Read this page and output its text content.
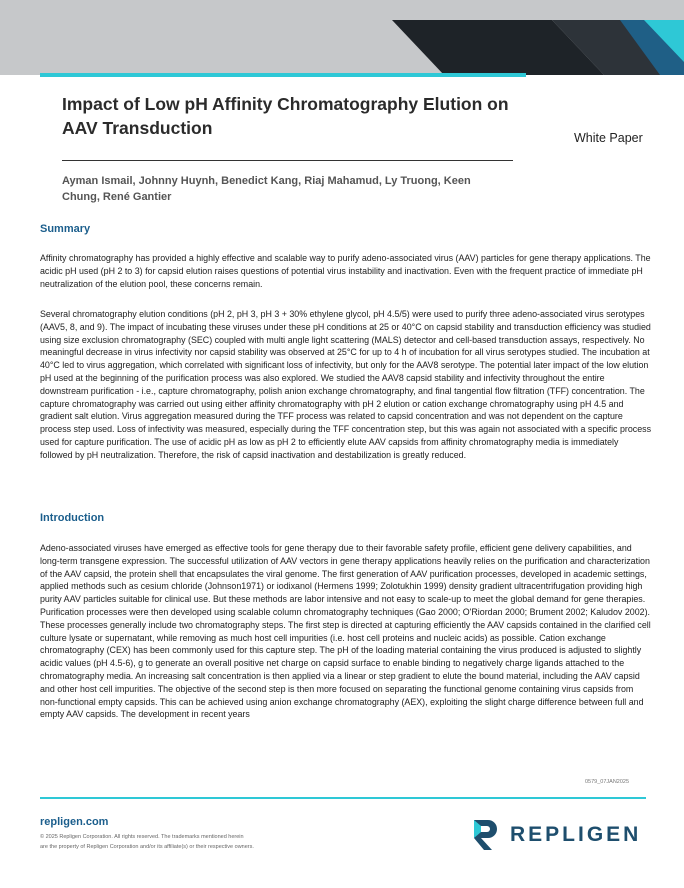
Impact of Low pH Affinity Chromatography Elution on AAV Transduction

Ayman Ismail, Johnny Huynh, Benedict Kang, Riaj Mahamud, Ly Truong, Keen Chung, René Gantier

White Paper
Summary

Affinity chromatography has provided a highly effective and scalable way to purify adeno-associated virus (AAV) particles for gene therapy applications. The acidic pH used (pH 2 to 3) for capsid elution raises questions of potential virus instability and inactivation. Even with the frequent practice of immediate pH neutralization of the elution pool, these concerns remain.

Several chromatography elution conditions (pH 2, pH 3, pH 3 + 30% ethylene glycol, pH 4.5/5) were used to purify three adeno-associated virus serotypes (AAV5, 8, and 9). The impact of incubating these viruses under these pH conditions at 25 or 40°C on capsid stability and transduction efficiency was studied using size exclusion chromatography (SEC) coupled with multi angle light scattering (MALS) detector and cell-based transduction assays, respectively. No meaningful decrease in virus infectivity nor capsid stability was observed at 25°C for up to 4 h of incubation for all virus serotypes studied. The incubation at 40°C led to virus aggregation, which correlated with significant loss of infectivity, but only for the AAV8 serotype. The potential later impact of the low elution pH used at the beginning of the purification process was also explored. We studied the AAV8 capsid stability and infectivity throughout the entire downstream purification - i.e., capture chromatography, polish anion exchange chromatography, and final tangential flow filtration (TFF) concentration. The capture chromatography was carried out using either affinity chromatography with pH 2 elution or cation exchange chromatography using pH 4.5 and gradient salt elution. Virus aggregation measured during the TFF process was related to capsid concentration and was not dependent on the capture process step used. Loss of infectivity was measured, especially during the TFF concentration step, but this was again not associated with a specific process used for capture purification. The use of acidic pH as low as pH 2 to efficiently elute AAV capsids from affinity chromatography media is immediately followed by pH neutralization. Therefore, the risk of capsid inactivation and destabilization is greatly reduced.

Introduction

Adeno-associated viruses have emerged as effective tools for gene therapy due to their favorable safety profile, efficient gene delivery capabilities, and long-term transgene expression. The successful utilization of AAV vectors in gene therapy applications heavily relies on the purification and characterization of the AAV capsid, the protein shell that encapsulates the viral genome. The first generation of AAV purification processes, developed in academic settings, applied methods such as cesium chloride (Johnson1971) or iodixanol (Hermens 1999; Zolotukhin 1999) density gradient ultracentrifugation providing high purity AAV particles suitable for clinical use. But these methods are labor intensive and not easy to scale-up to meet the global demand for gene therapies. Purification processes were then developed using scalable column chromatography techniques (Gao 2000; O'Riordan 2000; Brument 2002; Kaludov 2002). These processes generally include two chromatography steps. The first step is directed at capturing efficiently the AAV capsids contained in the clarified cell culture lysate or supernatant, while removing as much host cell impurities (i.e. host cell proteins and nucleic acids) as possible. Cation exchange chromatography (CEX) has been commonly used for this capture step. The pH of the loading material containing the virus produced is adjusted to slightly acidic values (pH 4.5-6), g to generate an overall positive net charge on capsid surface to enable binding to negatively charge ligands attached to the chromatography media. An increasing salt concentration is then applied via a linear or step gradient to elute the bound material, including the AAV capsid and other host cell impurities. The objective of the second step is then more focused on separating the functional genome containing virus capsids from non-functional empty capsids. This can be achieved using anion exchange chromatography (AEX), exploiting the slight charge difference between full and empty AAV capsids. The development in recent years

0579_07JAN2025
repligen.com
© 2025 Repligen Corporation. All rights reserved. The trademarks mentioned herein
are the property of Repligen Corporation and/or its affiliate(s) or their respective owners.
REPLIGEN
